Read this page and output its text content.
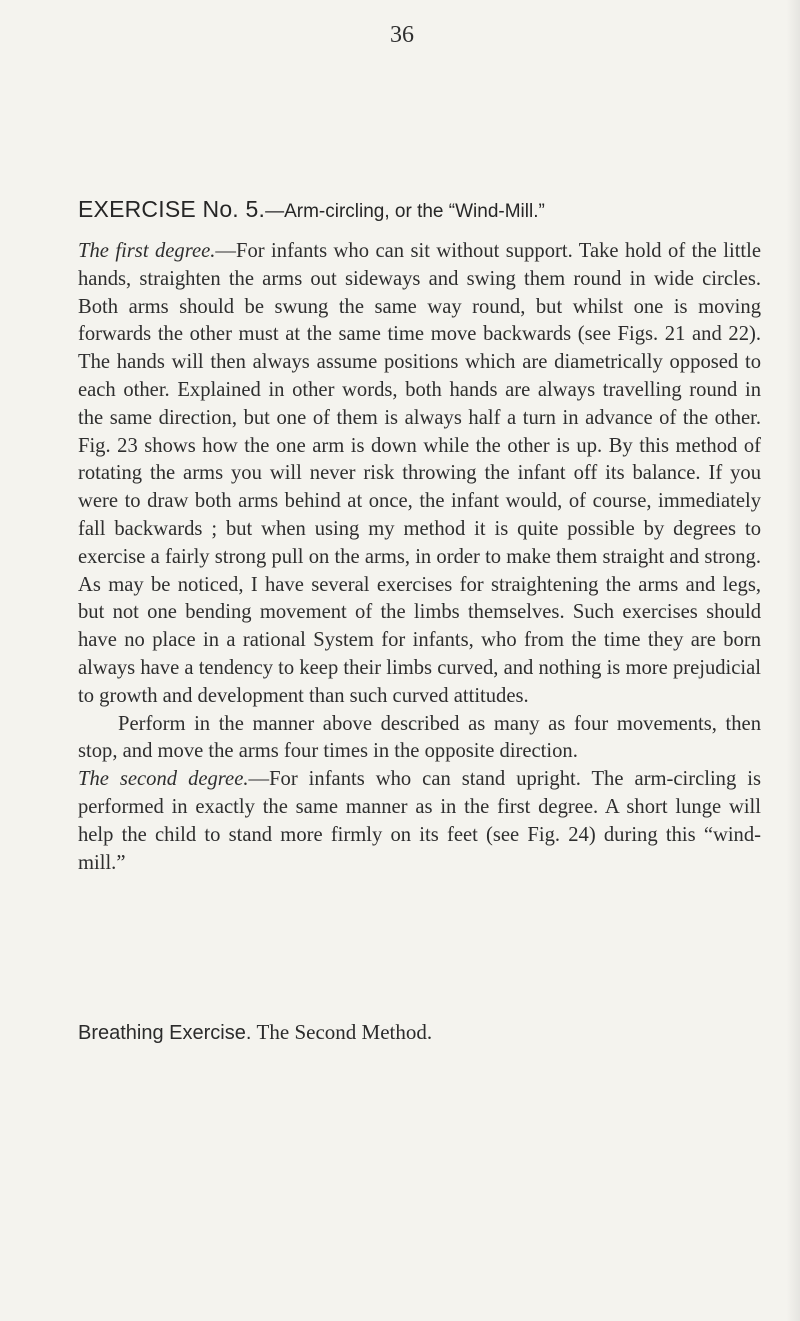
36
EXERCISE No. 5.—Arm-circling, or the “Wind-Mill.”

The first degree.—For infants who can sit without support. Take hold of the little hands, straighten the arms out sideways and swing them round in wide circles. Both arms should be swung the same way round, but whilst one is moving forwards the other must at the same time move backwards (see Figs. 21 and 22). The hands will then always assume positions which are diametrically opposed to each other. Explained in other words, both hands are always travelling round in the same direction, but one of them is always half a turn in advance of the other. Fig. 23 shows how the one arm is down while the other is up. By this method of rotating the arms you will never risk throwing the infant off its balance. If you were to draw both arms behind at once, the infant would, of course, immediately fall backwards ; but when using my method it is quite possible by degrees to exercise a fairly strong pull on the arms, in order to make them straight and strong. As may be noticed, I have several exercises for straightening the arms and legs, but not one bending movement of the limbs themselves. Such exercises should have no place in a rational System for infants, who from the time they are born always have a tendency to keep their limbs curved, and nothing is more prejudicial to growth and development than such curved attitudes.

Perform in the manner above described as many as four movements, then stop, and move the arms four times in the opposite direction.

The second degree.—For infants who can stand upright. The arm-circling is performed in exactly the same manner as in the first degree. A short lunge will help the child to stand more firmly on its feet (see Fig. 24) during this “wind-mill.”

Breathing Exercise. The Second Method.
